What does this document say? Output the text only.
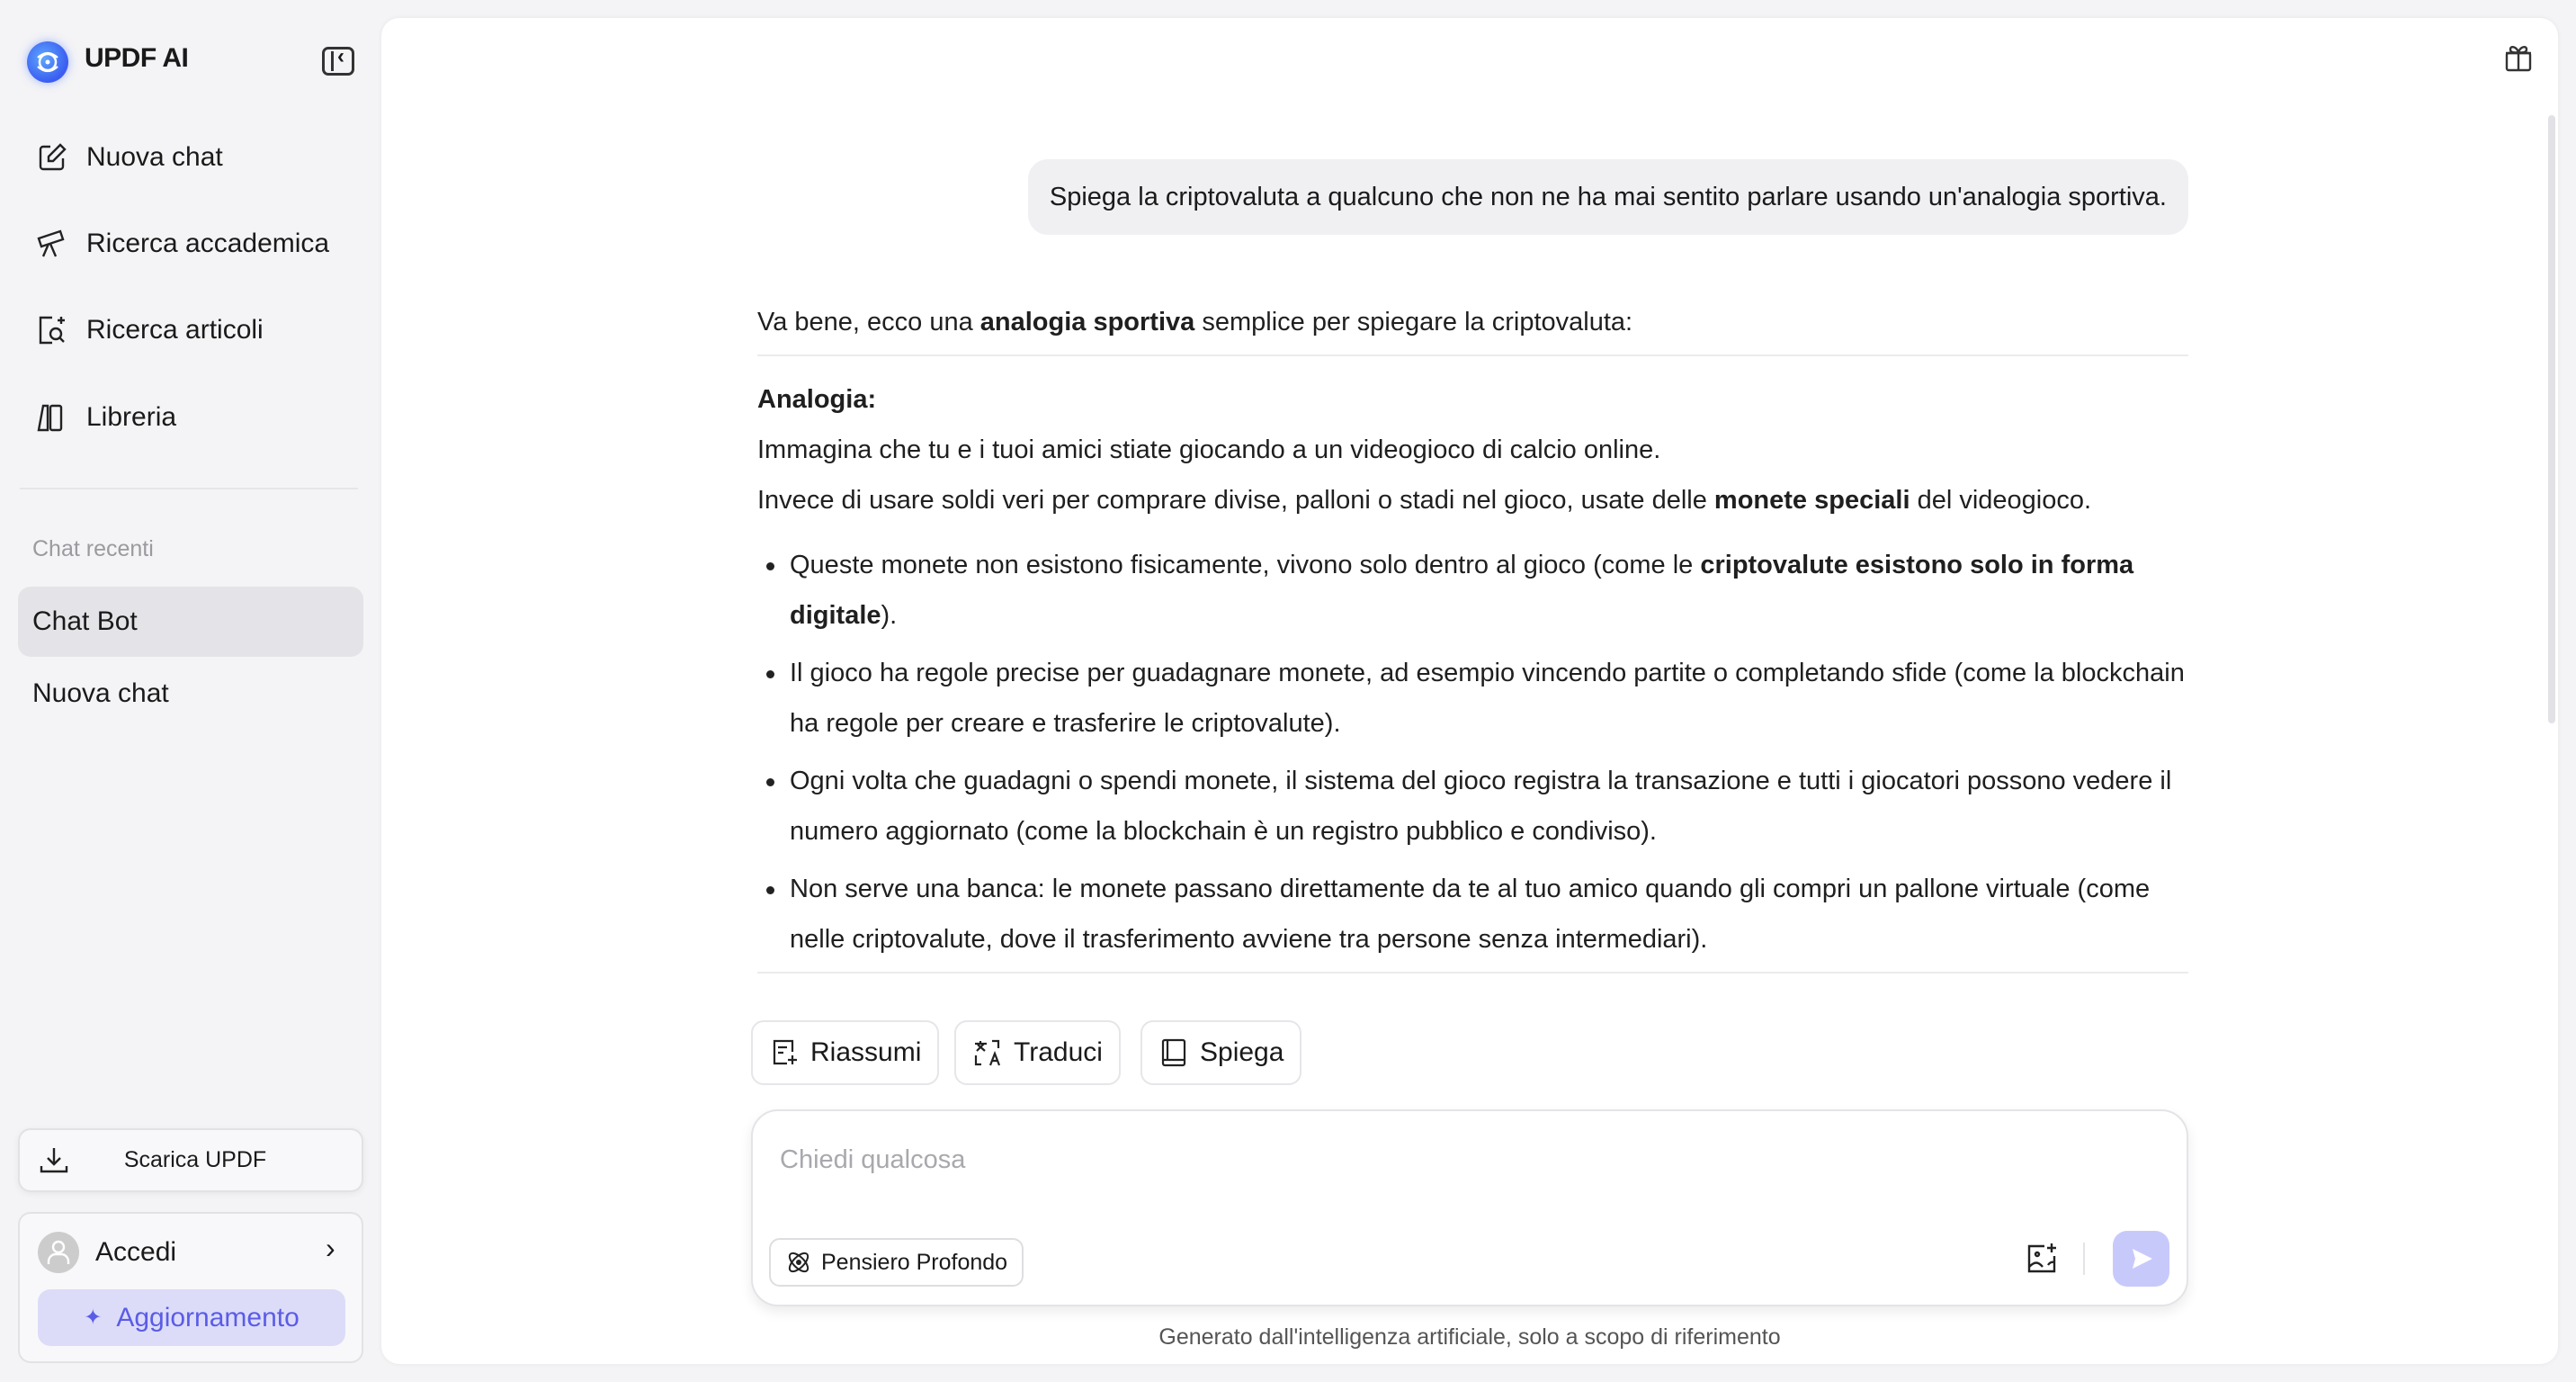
UPDF AI
‹
Nuova chat
Ricerca accademica
Ricerca articoli
Libreria
Chat recenti
Chat Bot
Nuova chat
Scarica UPDF
Accedi	›
✦ Aggiornamento
Spiega la criptovaluta a qualcuno che non ne ha mai sentito parlare usando un'analogia sportiva.

Va bene, ecco una analogia sportiva semplice per spiegare la criptovaluta:

Analogia:

Immagina che tu e i tuoi amici stiate giocando a un videogioco di calcio online.

Invece di usare soldi veri per comprare divise, palloni o stadi nel gioco, usate delle monete speciali del videogioco.

Queste monete non esistono fisicamente, vivono solo dentro al gioco (come le criptovalute esistono solo in forma digitale).
Il gioco ha regole precise per guadagnare monete, ad esempio vincendo partite o completando sfide (come la blockchain ha regole per creare e trasferire le criptovalute).
Ogni volta che guadagni o spendi monete, il sistema del gioco registra la transazione e tutti i giocatori possono vedere il numero aggiornato (come la blockchain è un registro pubblico e condiviso).
Non serve una banca: le monete passano direttamente da te al tuo amico quando gli compri un pallone virtuale (come nelle criptovalute, dove il trasferimento avviene tra persone senza intermediari).
Riassumi	Traduci	Spiega
Chiedi qualcosa
Pensiero Profondo
Generato dall'intelligenza artificiale, solo a scopo di riferimento
